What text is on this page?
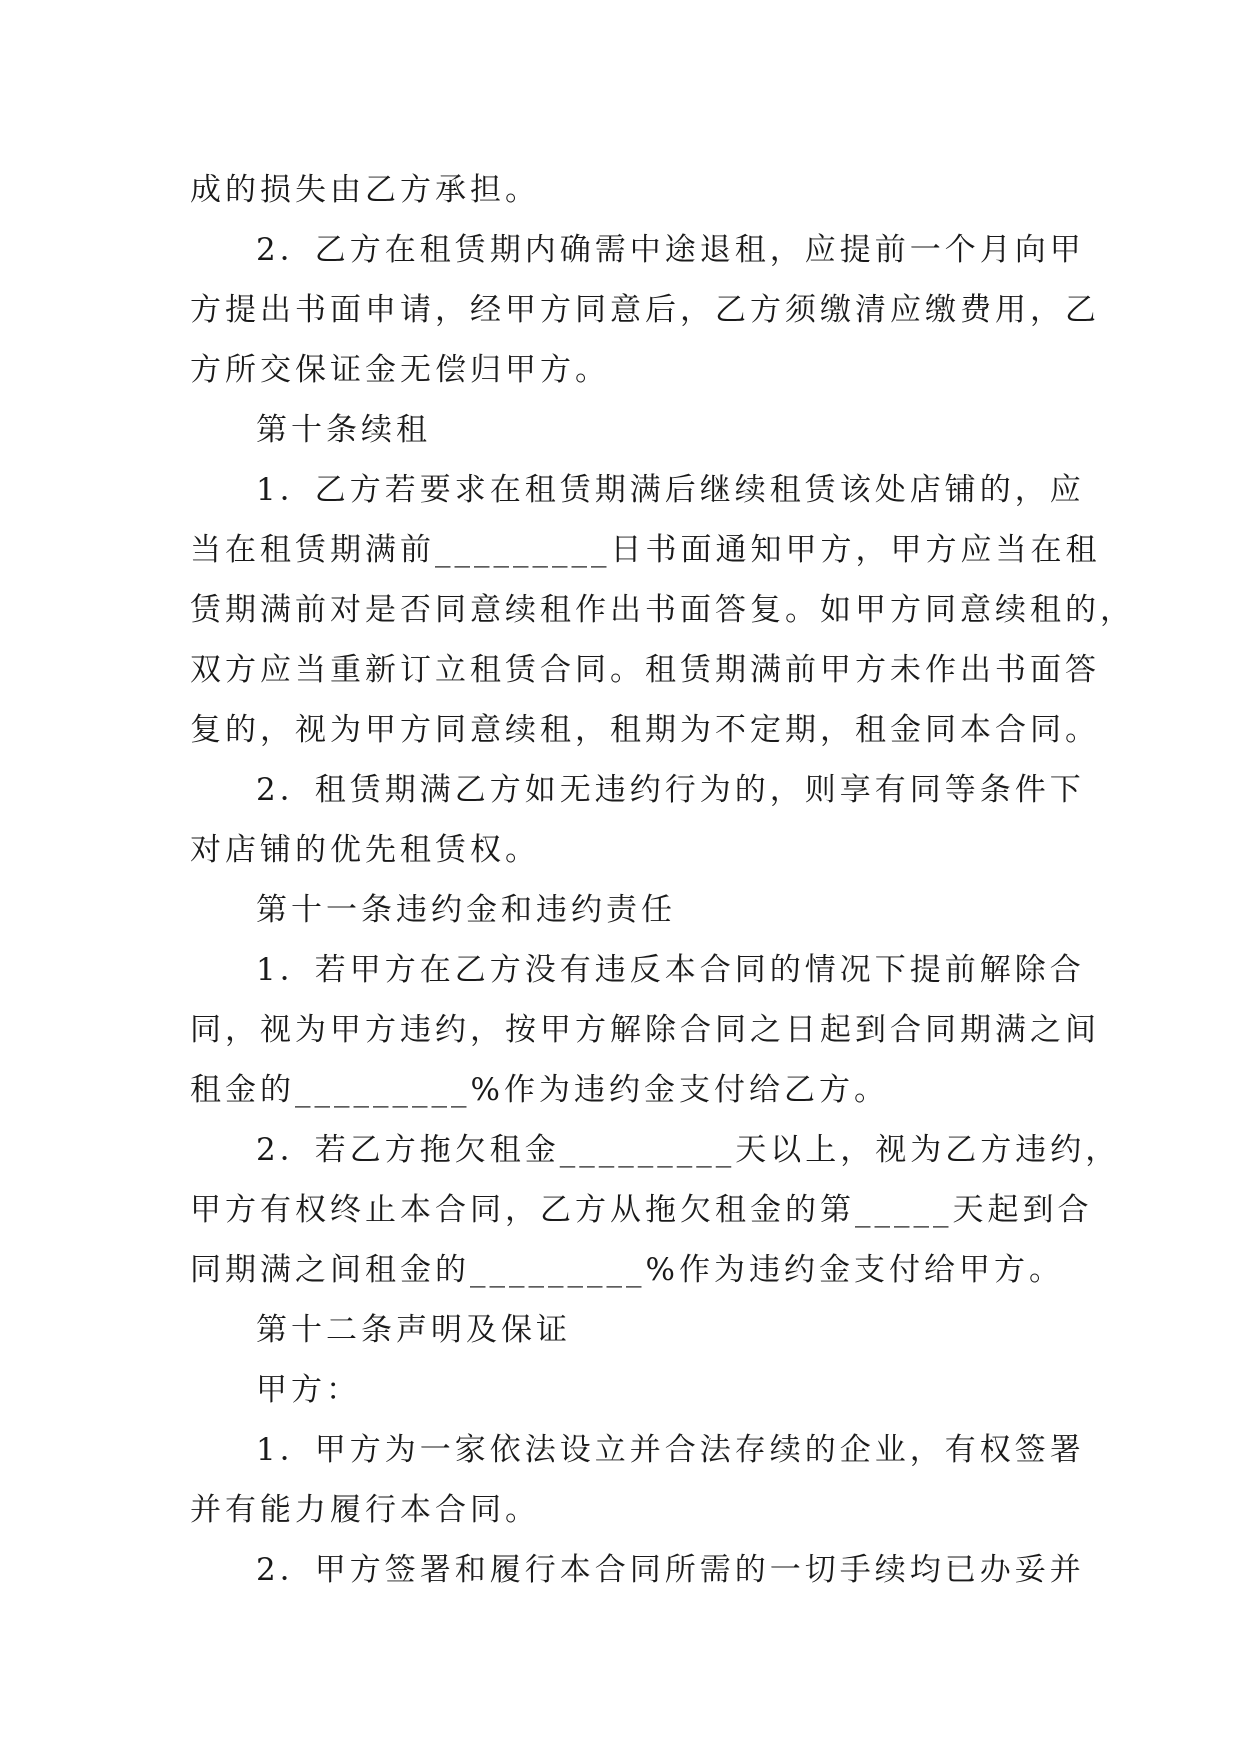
成的损失由乙方承担。
2．乙方在租赁期内确需中途退租，应提前一个月向甲
方提出书面申请，经甲方同意后，乙方须缴清应缴费用，乙
方所交保证金无偿归甲方。
第十条续租
1．乙方若要求在租赁期满后继续租赁该处店铺的，应
当在租赁期满前_________日书面通知甲方，甲方应当在租
赁期满前对是否同意续租作出书面答复。如甲方同意续租的，
双方应当重新订立租赁合同。租赁期满前甲方未作出书面答
复的，视为甲方同意续租，租期为不定期，租金同本合同。
2．租赁期满乙方如无违约行为的，则享有同等条件下
对店铺的优先租赁权。
第十一条违约金和违约责任
1．若甲方在乙方没有违反本合同的情况下提前解除合
同，视为甲方违约，按甲方解除合同之日起到合同期满之间
租金的_________%作为违约金支付给乙方。
2．若乙方拖欠租金_________天以上，视为乙方违约，
甲方有权终止本合同，乙方从拖欠租金的第_____天起到合
同期满之间租金的_________%作为违约金支付给甲方。
第十二条声明及保证
甲方：
1．甲方为一家依法设立并合法存续的企业，有权签署
并有能力履行本合同。
2．甲方签署和履行本合同所需的一切手续均已办妥并
